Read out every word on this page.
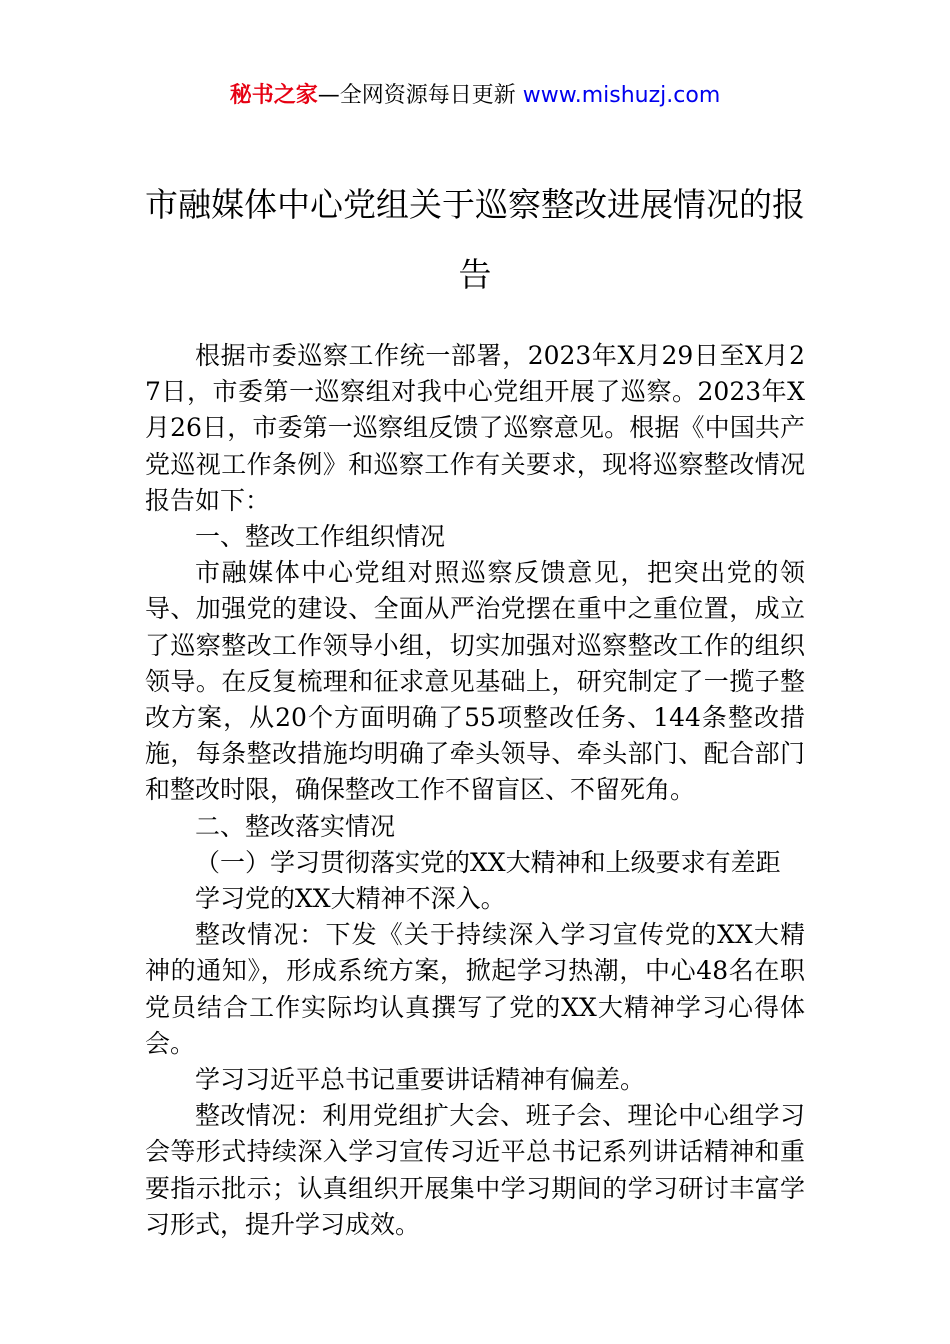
秘书之家—全网资源每日更新 www.mishuzj.com
市融媒体中心党组关于巡察整改进展情况的报告

根据市委巡察工作统一部署，2023年X月29日至X月27日，市委第一巡察组对我中心党组开展了巡察。2023年X月26日，市委第一巡察组反馈了巡察意见。根据《中国共产党巡视工作条例》和巡察工作有关要求，现将巡察整改情况报告如下：

一、整改工作组织情况

市融媒体中心党组对照巡察反馈意见，把突出党的领导、加强党的建设、全面从严治党摆在重中之重位置，成立了巡察整改工作领导小组，切实加强对巡察整改工作的组织领导。在反复梳理和征求意见基础上，研究制定了一揽子整改方案，从20个方面明确了55项整改任务、144条整改措施，每条整改措施均明确了牵头领导、牵头部门、配合部门和整改时限，确保整改工作不留盲区、不留死角。

二、整改落实情况

（一）学习贯彻落实党的XX大精神和上级要求有差距

学习党的XX大精神不深入。

整改情况：下发《关于持续深入学习宣传党的XX大精神的通知》，形成系统方案，掀起学习热潮，中心48名在职党员结合工作实际均认真撰写了党的XX大精神学习心得体会。

学习习近平总书记重要讲话精神有偏差。

整改情况：利用党组扩大会、班子会、理论中心组学习会等形式持续深入学习宣传习近平总书记系列讲话精神和重要指示批示；认真组织开展集中学习期间的学习研讨丰富学习形式，提升学习成效。
